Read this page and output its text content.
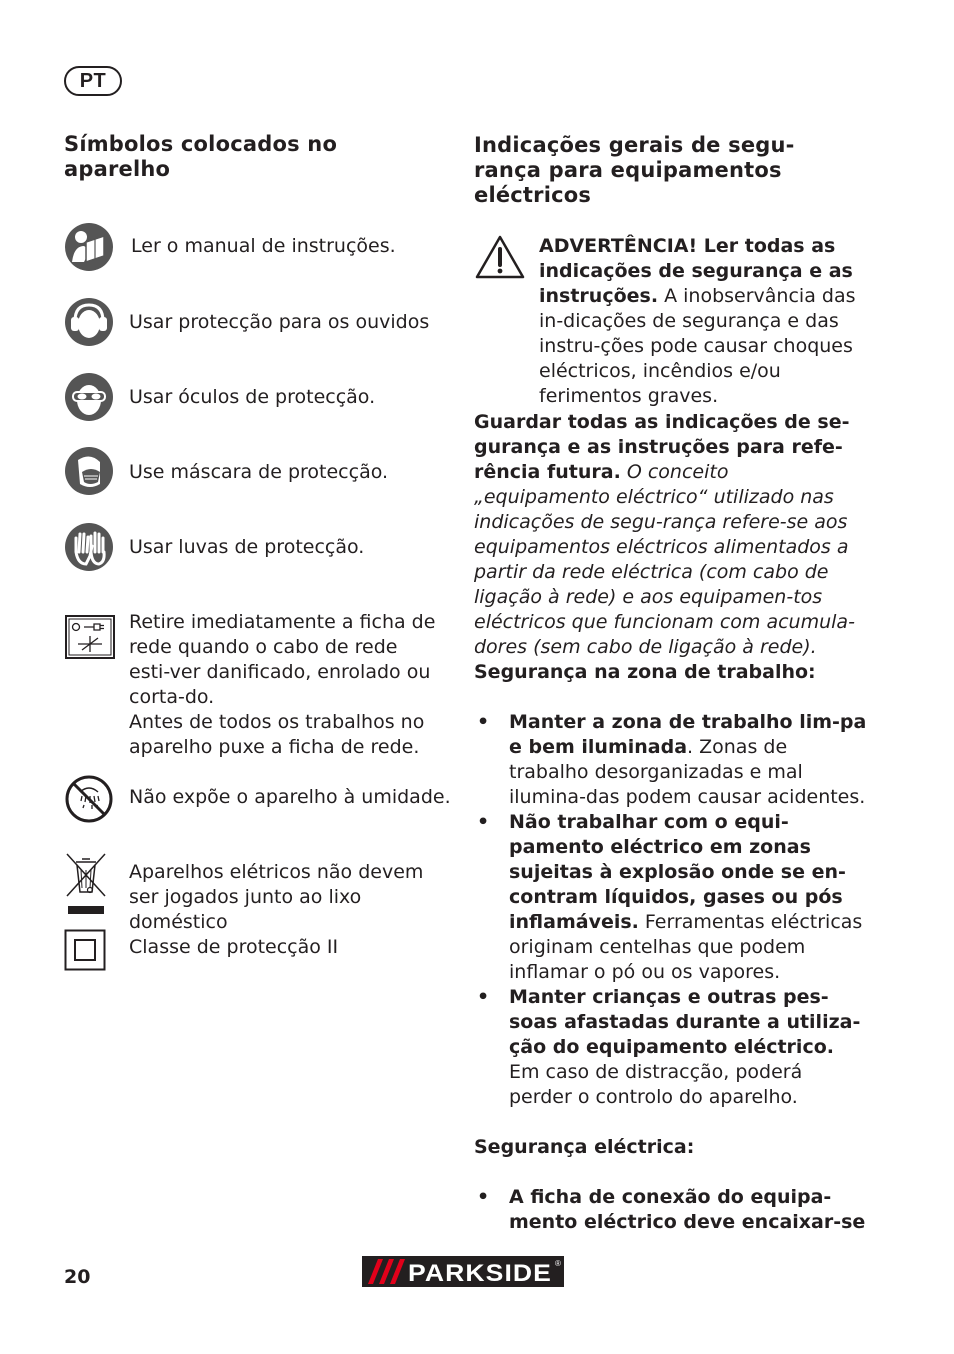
PT
Símbolos colocados no aparelho

Ler o manual de instruções.

Usar protecção para os ouvidos

Usar óculos de protecção.

Use máscara de protecção.

Usar luvas de protecção.

Retire imediatamente a ficha de rede quando o cabo de rede esti-ver danificado, enrolado ou corta-do.

Antes de todos os trabalhos no aparelho puxe a ficha de rede.

Não expõe o aparelho à umidade.

Aparelhos elétricos não devem ser jogados junto ao lixo doméstico

Classe de protecção II

Indicações gerais de segu-rança para equipamentos eléctricos

ADVERTÊNCIA! Ler todas as indicações de segurança e as instruções. A inobservância das in-dicações de segurança e das instru-ções pode causar choques eléctricos, incêndios e/ou ferimentos graves.

Guardar todas as indicações de se-gurança e as instruções para refe-rência futura. O conceito „equipamento eléctrico“ utilizado nas indicações de segu-rança refere-se aos equipamentos eléctricos alimentados a partir da rede eléctrica (com cabo de ligação à rede) e aos equipamen-tos eléctricos que funcionam com acumula-dores (sem cabo de ligação à rede).

Segurança na zona de trabalho:

• Manter a zona de trabalho lim-pa e bem iluminada. Zonas de trabalho desorganizadas e mal ilumina-das podem causar acidentes.
• Não trabalhar com o equi-pamento eléctrico em zonas sujeitas à explosão onde se en-contram líquidos, gases ou pós inflamáveis. Ferramentas eléctricas originam centelhas que podem inflamar o pó ou os vapores.
• Manter crianças e outras pes-soas afastadas durante a utiliza-ção do equipamento eléctrico. Em caso de distracção, poderá perder o controlo do aparelho.

Segurança eléctrica:

• A ficha de conexão do equipa-mento eléctrico deve encaixar-se
20	PARKSIDE ®
